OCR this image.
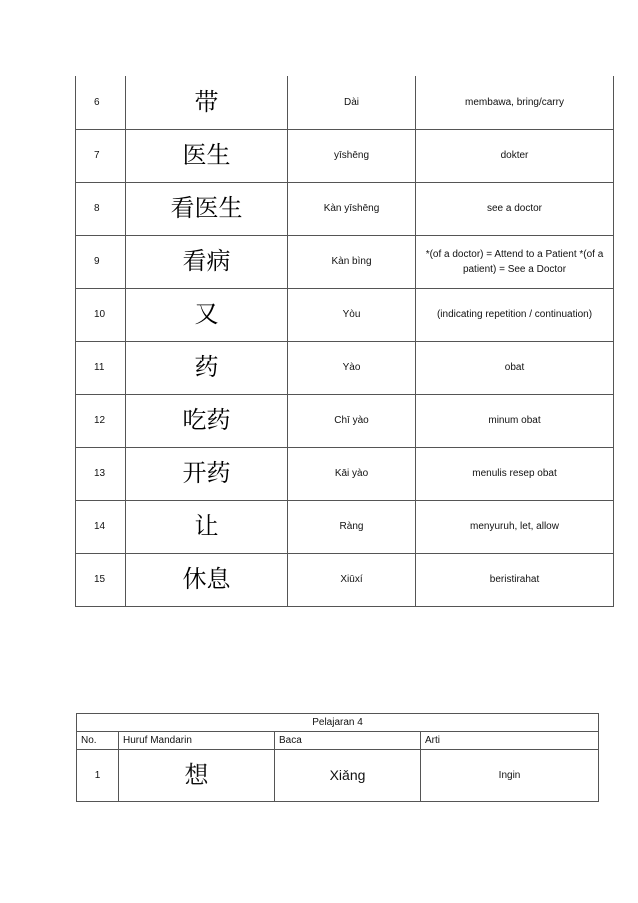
6	带	Dài	membawa, bring/carry
7	医生	yīshēng	dokter
8	看医生	Kàn yīshēng	see a doctor
9	看病	Kàn bìng	*(of a doctor) = Attend to a Patient *(of a patient) = See a Doctor
10	又	Yòu	(indicating repetition / continuation)
11	药	Yào	obat
12	吃药	Chī yào	minum obat
13	开药	Kāi yào	menulis resep obat
14	让	Ràng	menyuruh, let, allow
15	休息	Xiūxí	beristirahat
Pelajaran 4			
No.	Huruf Mandarin	Baca	Arti
1	想	Xiǎng	Ingin
